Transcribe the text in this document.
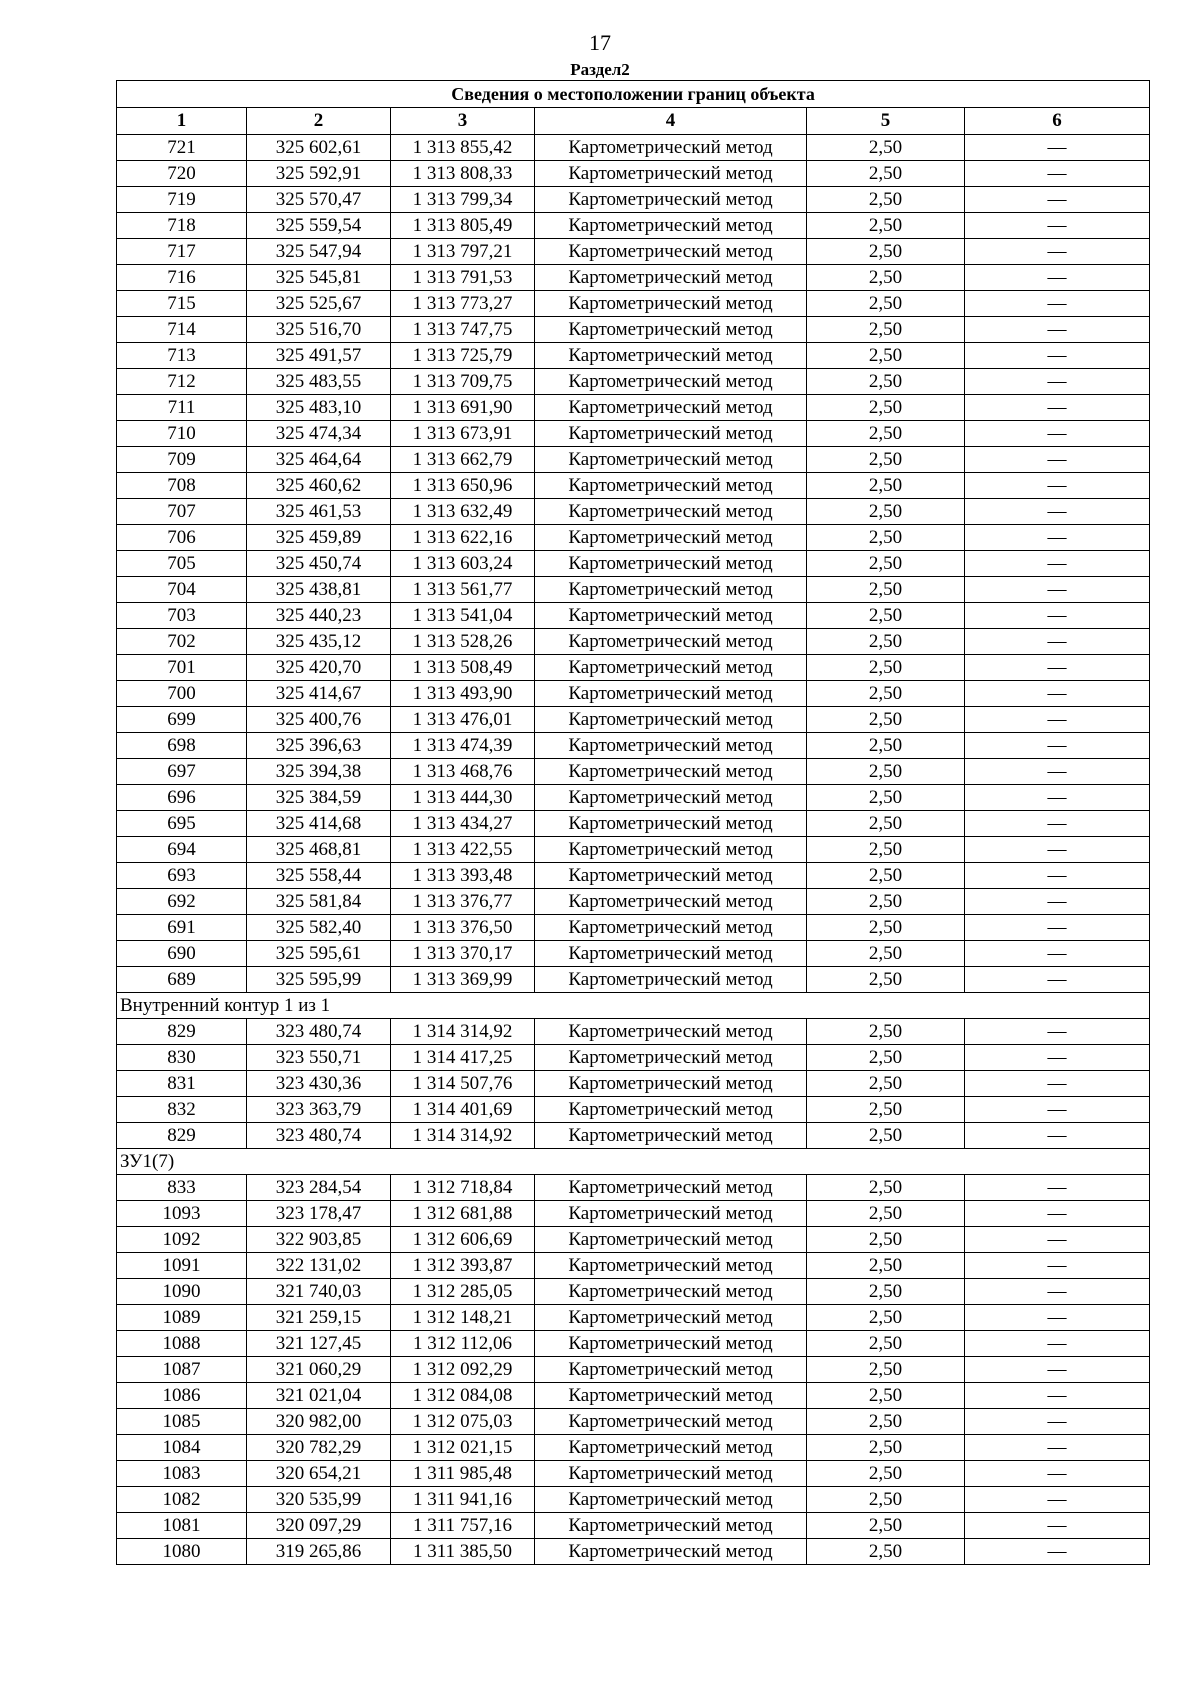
17
Раздел2
Сведения о местоположении границ объекта					
1	2	3	4	5	6
721	325 602,61	1 313 855,42	Картометрический метод	2,50	—
720	325 592,91	1 313 808,33	Картометрический метод	2,50	—
719	325 570,47	1 313 799,34	Картометрический метод	2,50	—
718	325 559,54	1 313 805,49	Картометрический метод	2,50	—
717	325 547,94	1 313 797,21	Картометрический метод	2,50	—
716	325 545,81	1 313 791,53	Картометрический метод	2,50	—
715	325 525,67	1 313 773,27	Картометрический метод	2,50	—
714	325 516,70	1 313 747,75	Картометрический метод	2,50	—
713	325 491,57	1 313 725,79	Картометрический метод	2,50	—
712	325 483,55	1 313 709,75	Картометрический метод	2,50	—
711	325 483,10	1 313 691,90	Картометрический метод	2,50	—
710	325 474,34	1 313 673,91	Картометрический метод	2,50	—
709	325 464,64	1 313 662,79	Картометрический метод	2,50	—
708	325 460,62	1 313 650,96	Картометрический метод	2,50	—
707	325 461,53	1 313 632,49	Картометрический метод	2,50	—
706	325 459,89	1 313 622,16	Картометрический метод	2,50	—
705	325 450,74	1 313 603,24	Картометрический метод	2,50	—
704	325 438,81	1 313 561,77	Картометрический метод	2,50	—
703	325 440,23	1 313 541,04	Картометрический метод	2,50	—
702	325 435,12	1 313 528,26	Картометрический метод	2,50	—
701	325 420,70	1 313 508,49	Картометрический метод	2,50	—
700	325 414,67	1 313 493,90	Картометрический метод	2,50	—
699	325 400,76	1 313 476,01	Картометрический метод	2,50	—
698	325 396,63	1 313 474,39	Картометрический метод	2,50	—
697	325 394,38	1 313 468,76	Картометрический метод	2,50	—
696	325 384,59	1 313 444,30	Картометрический метод	2,50	—
695	325 414,68	1 313 434,27	Картометрический метод	2,50	—
694	325 468,81	1 313 422,55	Картометрический метод	2,50	—
693	325 558,44	1 313 393,48	Картометрический метод	2,50	—
692	325 581,84	1 313 376,77	Картометрический метод	2,50	—
691	325 582,40	1 313 376,50	Картометрический метод	2,50	—
690	325 595,61	1 313 370,17	Картометрический метод	2,50	—
689	325 595,99	1 313 369,99	Картометрический метод	2,50	—
Внутренний контур 1 из 1					
829	323 480,74	1 314 314,92	Картометрический метод	2,50	—
830	323 550,71	1 314 417,25	Картометрический метод	2,50	—
831	323 430,36	1 314 507,76	Картометрический метод	2,50	—
832	323 363,79	1 314 401,69	Картометрический метод	2,50	—
829	323 480,74	1 314 314,92	Картометрический метод	2,50	—
ЗУ1(7)					
833	323 284,54	1 312 718,84	Картометрический метод	2,50	—
1093	323 178,47	1 312 681,88	Картометрический метод	2,50	—
1092	322 903,85	1 312 606,69	Картометрический метод	2,50	—
1091	322 131,02	1 312 393,87	Картометрический метод	2,50	—
1090	321 740,03	1 312 285,05	Картометрический метод	2,50	—
1089	321 259,15	1 312 148,21	Картометрический метод	2,50	—
1088	321 127,45	1 312 112,06	Картометрический метод	2,50	—
1087	321 060,29	1 312 092,29	Картометрический метод	2,50	—
1086	321 021,04	1 312 084,08	Картометрический метод	2,50	—
1085	320 982,00	1 312 075,03	Картометрический метод	2,50	—
1084	320 782,29	1 312 021,15	Картометрический метод	2,50	—
1083	320 654,21	1 311 985,48	Картометрический метод	2,50	—
1082	320 535,99	1 311 941,16	Картометрический метод	2,50	—
1081	320 097,29	1 311 757,16	Картометрический метод	2,50	—
1080	319 265,86	1 311 385,50	Картометрический метод	2,50	—
